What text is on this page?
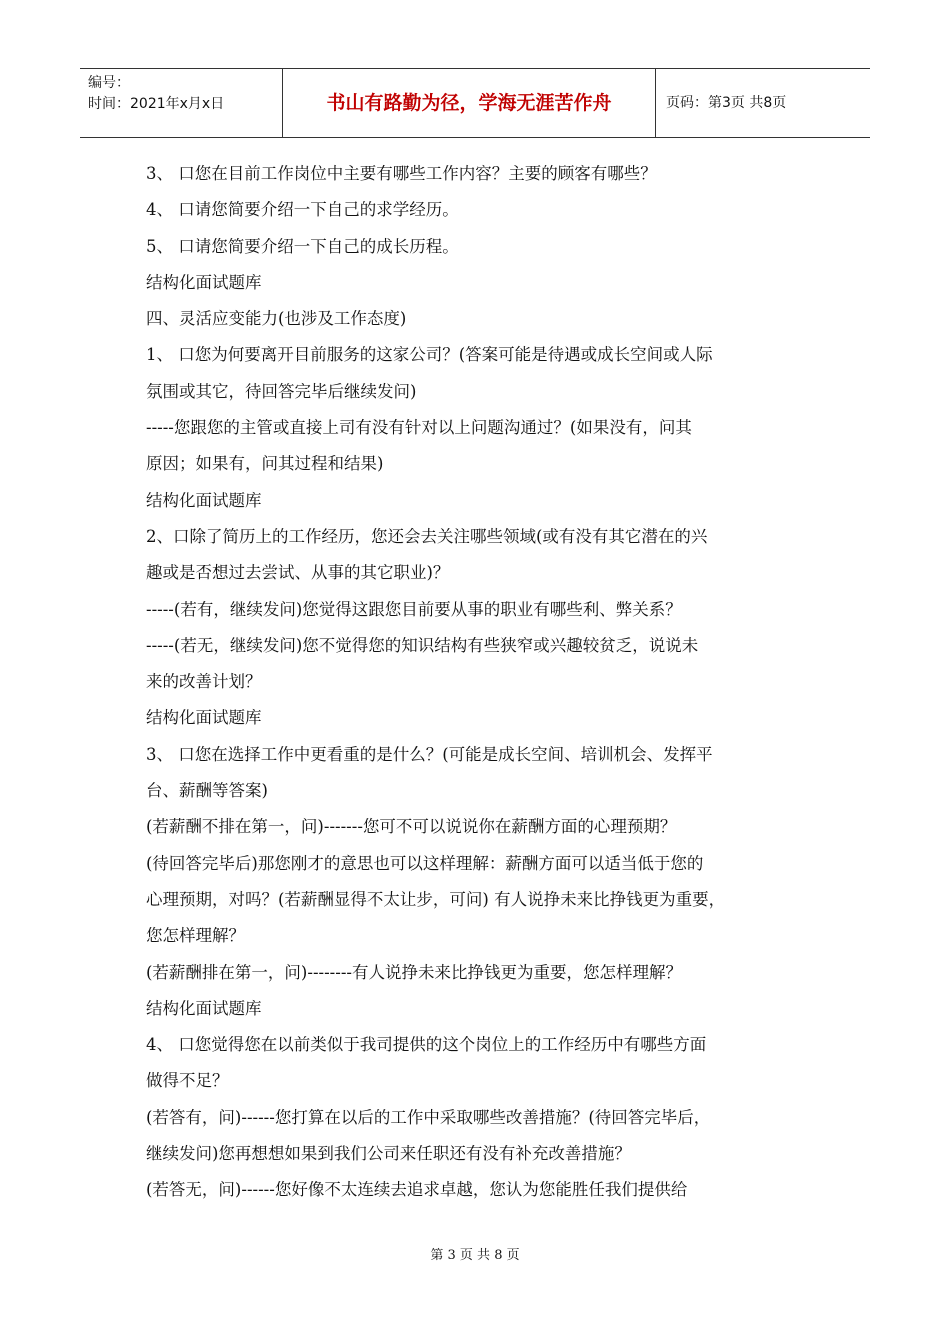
编号：
时间：2021年x月x日	书山有路勤为径，学海无涯苦作舟	页码：第3页 共8页

3、 口您在目前工作岗位中主要有哪些工作内容？主要的顾客有哪些？

4、 口请您简要介绍一下自己的求学经历。

5、 口请您简要介绍一下自己的成长历程。

结构化面试题库

四、灵活应变能力(也涉及工作态度)

1、 口您为何要离开目前服务的这家公司？(答案可能是待遇或成长空间或人际

氛围或其它，待回答完毕后继续发问)

-----您跟您的主管或直接上司有没有针对以上问题沟通过？(如果没有，问其

原因；如果有，问其过程和结果)

结构化面试题库

2、口除了简历上的工作经历，您还会去关注哪些领域(或有没有其它潜在的兴

趣或是否想过去尝试、从事的其它职业)？

-----(若有，继续发问)您觉得这跟您目前要从事的职业有哪些利、弊关系？

-----(若无，继续发问)您不觉得您的知识结构有些狭窄或兴趣较贫乏，说说未

来的改善计划？

结构化面试题库

3、 口您在选择工作中更看重的是什么？(可能是成长空间、培训机会、发挥平

台、薪酬等答案)

(若薪酬不排在第一，问)-------您可不可以说说你在薪酬方面的心理预期？

(待回答完毕后)那您刚才的意思也可以这样理解：薪酬方面可以适当低于您的

心理预期，对吗？(若薪酬显得不太让步，可问) 有人说挣未来比挣钱更为重要，

您怎样理解？

(若薪酬排在第一，问)--------有人说挣未来比挣钱更为重要，您怎样理解？

结构化面试题库

4、 口您觉得您在以前类似于我司提供的这个岗位上的工作经历中有哪些方面

做得不足？

(若答有，问)------您打算在以后的工作中采取哪些改善措施？(待回答完毕后，

继续发问)您再想想如果到我们公司来任职还有没有补充改善措施？

(若答无，问)------您好像不太连续去追求卓越，您认为您能胜任我们提供给

第 3 页 共 8 页
